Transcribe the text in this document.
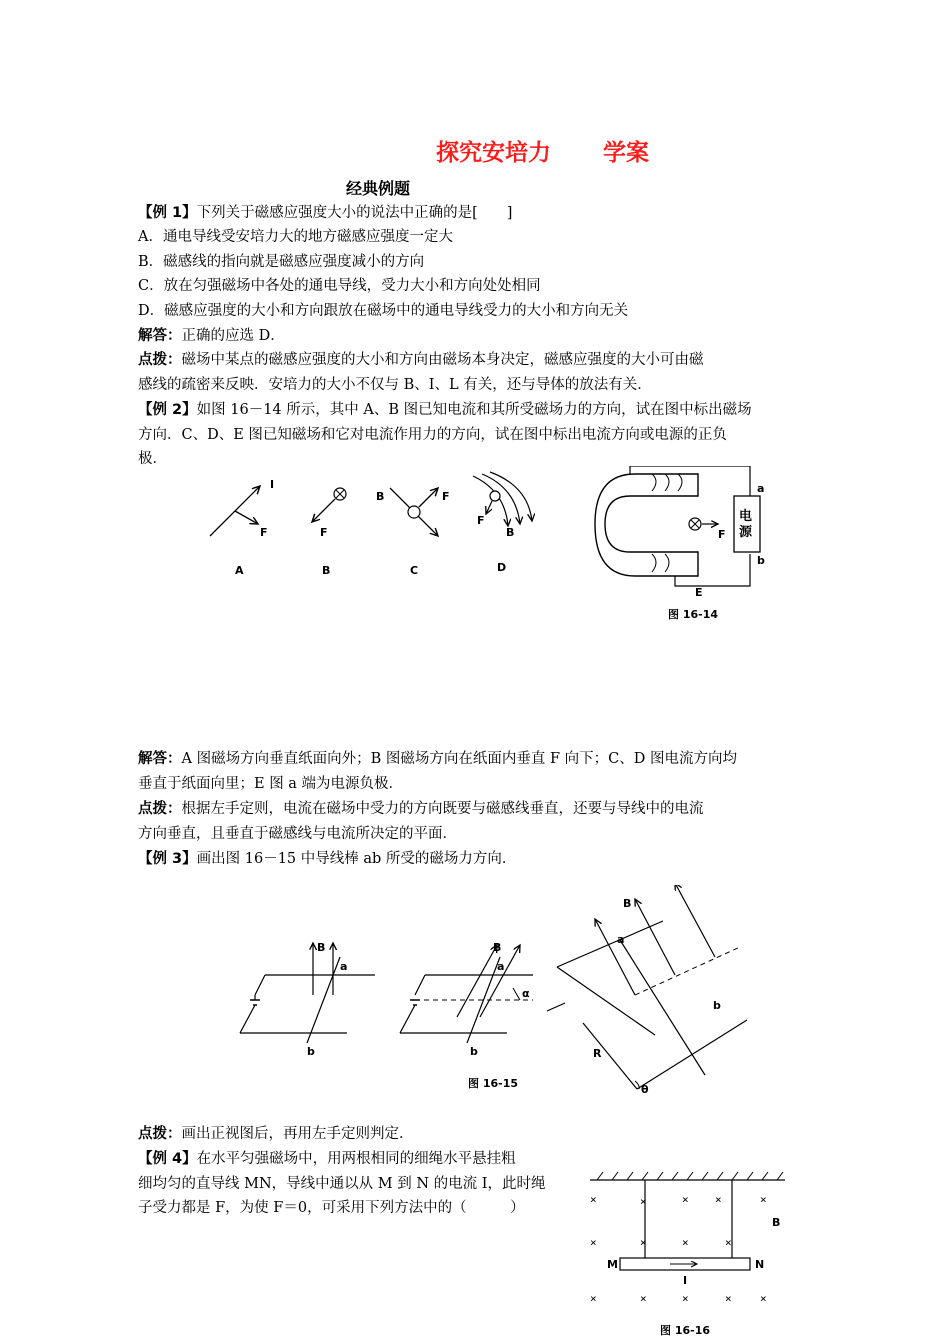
探究安培力 学案
经典例题
【例 1】下列关于磁感应强度大小的说法中正确的是[　　]
A．通电导线受安培力大的地方磁感应强度一定大
B．磁感线的指向就是磁感应强度减小的方向
C．放在匀强磁场中各处的通电导线，受力大小和方向处处相同
D．磁感应强度的大小和方向跟放在磁场中的通电导线受力的大小和方向无关
解答：正确的应选 D．
点拨：磁场中某点的磁感应强度的大小和方向由磁场本身决定，磁感应强度的大小可由磁
感线的疏密来反映．安培力的大小不仅与 B、I、L 有关，还与导体的放法有关．
【例 2】如图 16－14 所示，其中 A、B 图已知电流和其所受磁场力的方向，试在图中标出磁场
方向．C、D、E 图已知磁场和它对电流作用力的方向，试在图中标出电流方向或电源的正负
极．
I
F
A
F
B
B	F
C
F
B
D
电
源
a
b
F
E
图 16-14
解答：A 图磁场方向垂直纸面向外；B 图磁场方向在纸面内垂直 F 向下；C、D 图电流方向均
垂直于纸面向里；E 图 a 端为电源负极．
点拨：根据左手定则，电流在磁场中受力的方向既要与磁感线垂直，还要与导线中的电流
方向垂直，且垂直于磁感线与电流所决定的平面．
【例 3】画出图 16－15 中导线棒 ab 所受的磁场力方向．
B
a
b
B
a
α
b
B
a
b
R
θ
图 16-15
点拨：画出正视图后，再用左手定则判定．
【例 4】在水平匀强磁场中，用两根相同的细绳水平悬挂粗
细均匀的直导线 MN，导线中通以从 M 到 N 的电流 I，此时绳
子受力都是 F，为使 F＝0，可采用下列方法中的（　　　）
M	N
I
B
×	×	× ×	×
×	×	×	×
×	×	×	×	×
图 16-16
